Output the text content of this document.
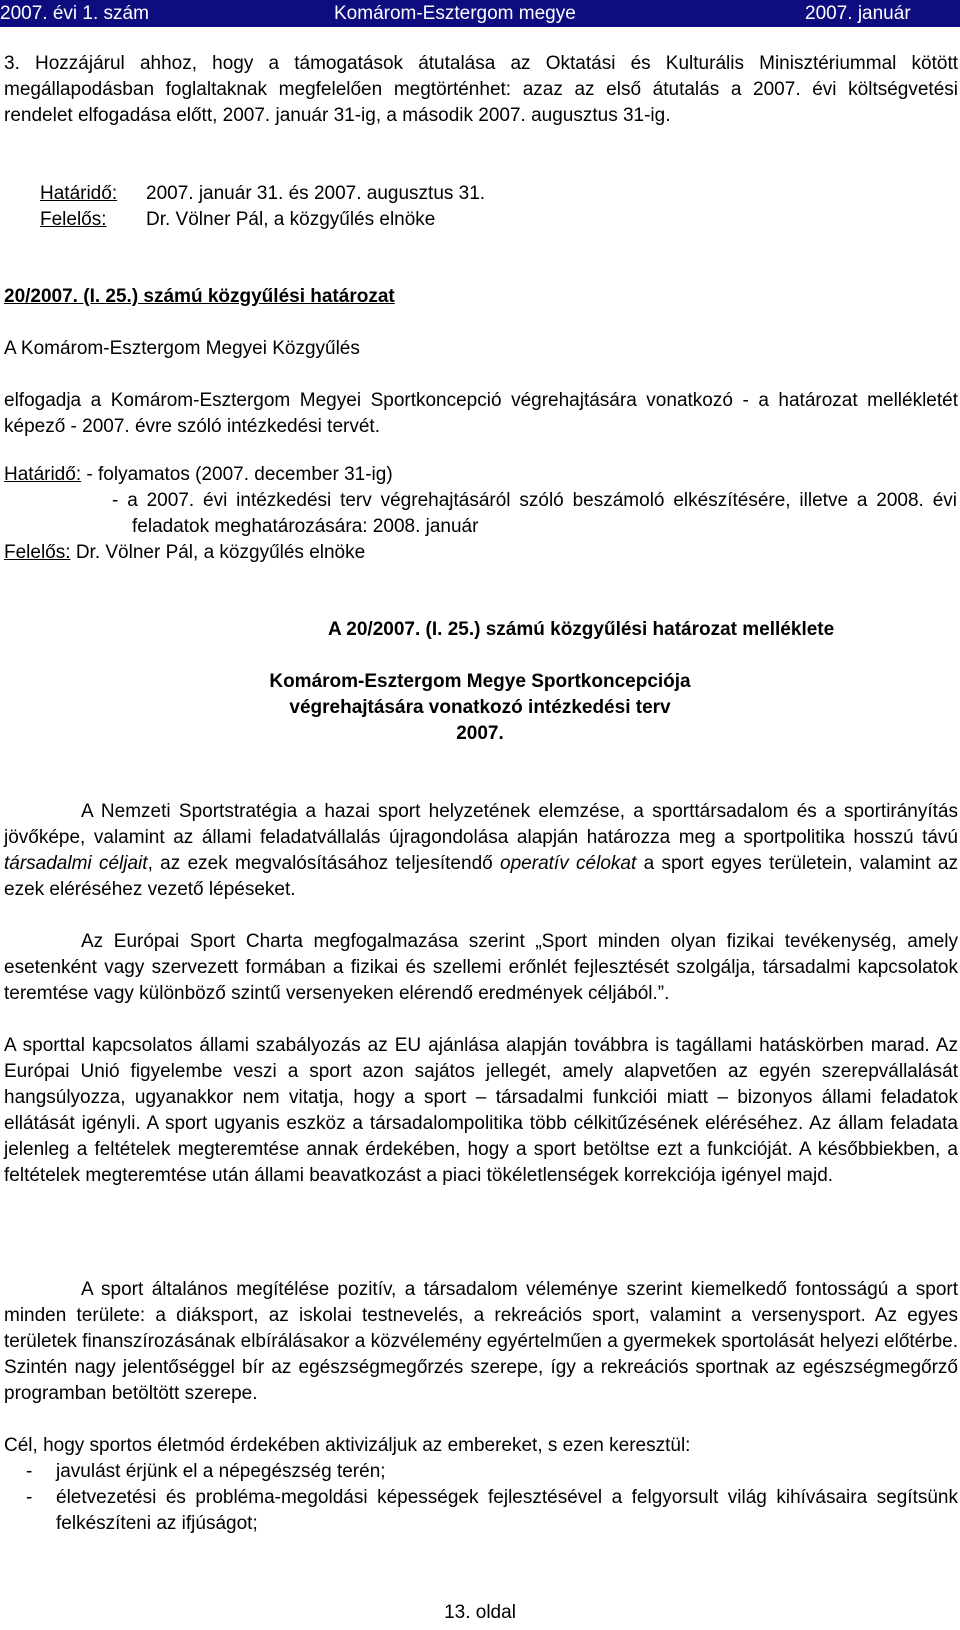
2007. évi 1. szám	Komárom-Esztergom megye	2007. január

3. Hozzájárul ahhoz, hogy a támogatások átutalása az Oktatási és Kulturális Minisztériummal kötött megállapodásban foglaltaknak megfelelően megtörténhet: azaz az első átutalás a 2007. évi költségvetési rendelet elfogadása előtt, 2007. január 31-ig, a második 2007. augusztus 31-ig.

Határidő: 2007. január 31. és 2007. augusztus 31.
Felelős: Dr. Völner Pál, a közgyűlés elnöke
20/2007. (I. 25.) számú közgyűlési határozat
A Komárom-Esztergom Megyei Közgyűlés

elfogadja a Komárom-Esztergom Megyei Sportkoncepció végrehajtására vonatkozó - a határozat mellékletét képező - 2007. évre szóló intézkedési tervét.

Határidő: - folyamatos (2007. december 31-ig)

- a 2007. évi intézkedési terv végrehajtásáról szóló beszámoló elkészítésére, illetve a 2008. évi feladatok meghatározására: 2008. január

Felelős: Dr. Völner Pál, a közgyűlés elnöke
A 20/2007. (I. 25.) számú közgyűlési határozat melléklete
Komárom-Esztergom Megye Sportkoncepciója
végrehajtására vonatkozó intézkedési terv
2007.

A Nemzeti Sportstratégia a hazai sport helyzetének elemzése, a sporttársadalom és a sportirányítás jövőképe, valamint az állami feladatvállalás újragondolása alapján határozza meg a sportpolitika hosszú távú társadalmi céljait, az ezek megvalósításához teljesítendő operatív célokat a sport egyes területein, valamint az ezek eléréséhez vezető lépéseket.

Az Európai Sport Charta megfogalmazása szerint „Sport minden olyan fizikai tevékenység, amely esetenként vagy szervezett formában a fizikai és szellemi erőnlét fejlesztését szolgálja, társadalmi kapcsolatok teremtése vagy különböző szintű versenyeken elérendő eredmények céljából.”.

A sporttal kapcsolatos állami szabályozás az EU ajánlása alapján továbbra is tagállami hatáskörben marad. Az Európai Unió figyelembe veszi a sport azon sajátos jellegét, amely alapvetően az egyén szerepvállalását hangsúlyozza, ugyanakkor nem vitatja, hogy a sport – társadalmi funkciói miatt – bizonyos állami feladatok ellátását igényli. A sport ugyanis eszköz a társadalompolitika több célkitűzésének eléréséhez. Az állam feladata jelenleg a feltételek megteremtése annak érdekében, hogy a sport betöltse ezt a funkcióját. A későbbiekben, a feltételek megteremtése után állami beavatkozást a piaci tökéletlenségek korrekciója igényel majd.

A sport általános megítélése pozitív, a társadalom véleménye szerint kiemelkedő fontosságú a sport minden területe: a diáksport, az iskolai testnevelés, a rekreációs sport, valamint a versenysport. Az egyes területek finanszírozásának elbírálásakor a közvélemény egyértelműen a gyermekek sportolását helyezi előtérbe. Szintén nagy jelentőséggel bír az egészségmegőrzés szerepe, így a rekreációs sportnak az egészségmegőrző programban betöltött szerepe.

Cél, hogy sportos életmód érdekében aktivizáljuk az embereket, s ezen keresztül:

- javulást érjünk el a népegészség terén;
- életvezetési és probléma-megoldási képességek fejlesztésével a felgyorsult világ kihívásaira segítsünk felkészíteni az ifjúságot;
13. oldal
